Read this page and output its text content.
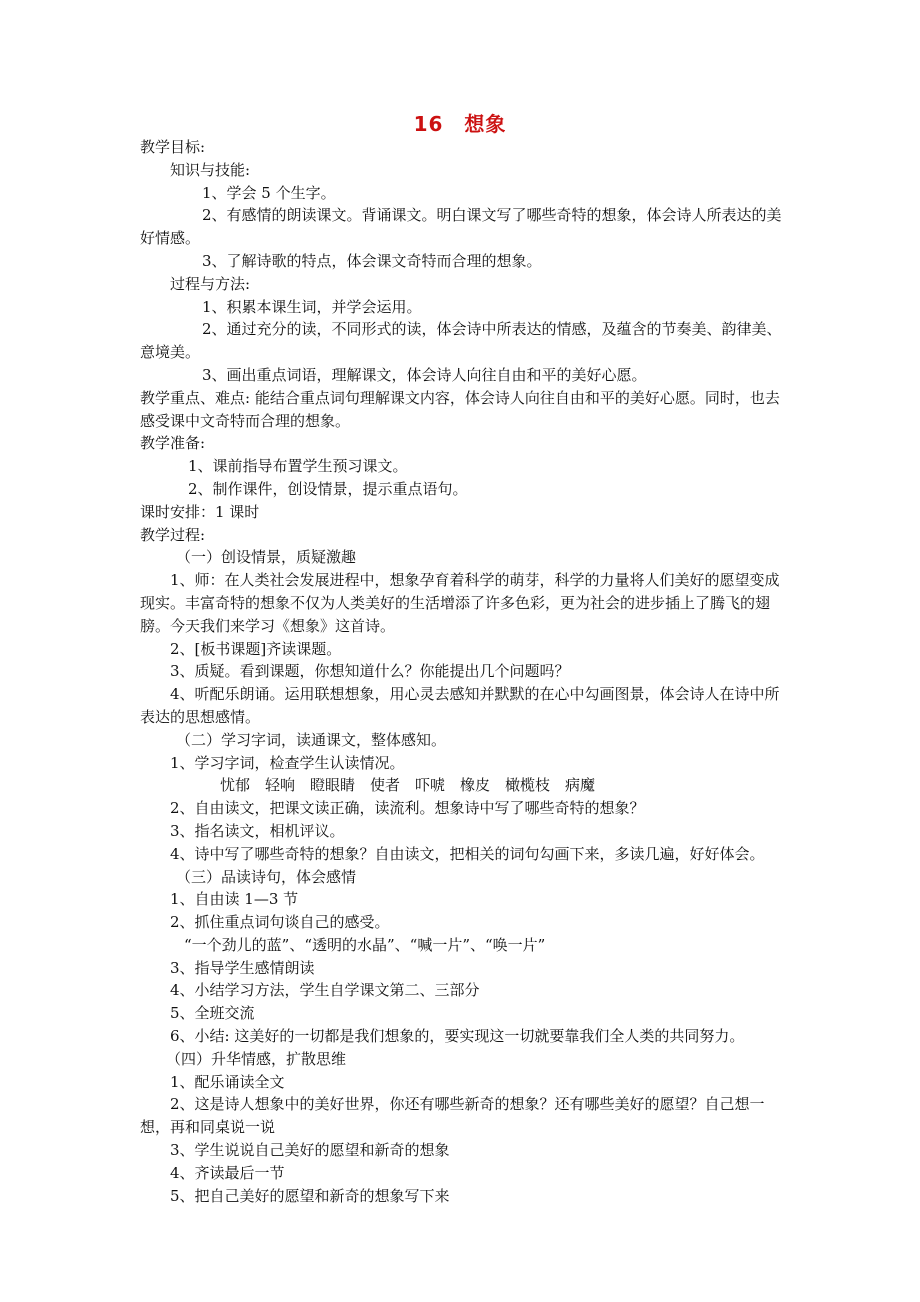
16　想象

教学目标:

知识与技能:

1、学会 5 个生字。

2、有感情的朗读课文。背诵课文。明白课文写了哪些奇特的想象，体会诗人所表达的美好情感。

3、了解诗歌的特点，体会课文奇特而合理的想象。

过程与方法:

1、积累本课生词，并学会运用。

2、通过充分的读，不同形式的读，体会诗中所表达的情感，及蕴含的节奏美、韵律美、意境美。

3、画出重点词语，理解课文，体会诗人向往自由和平的美好心愿。

教学重点、难点: 能结合重点词句理解课文内容，体会诗人向往自由和平的美好心愿。同时，也去感受课中文奇特而合理的想象。

教学准备:

1、课前指导布置学生预习课文。

2、制作课件，创设情景，提示重点语句。

课时安排：1 课时

教学过程:

（一）创设情景，质疑激趣

1、师：在人类社会发展进程中，想象孕育着科学的萌芽，科学的力量将人们美好的愿望变成现实。丰富奇特的想象不仅为人类美好的生活增添了许多色彩，更为社会的进步插上了腾飞的翅膀。今天我们来学习《想象》这首诗。

2、[板书课题]齐读课题。

3、质疑。看到课题，你想知道什么？你能提出几个问题吗？

4、听配乐朗诵。运用联想想象，用心灵去感知并默默的在心中勾画图景，体会诗人在诗中所表达的思想感情。

（二）学习字词，读通课文，整体感知。

1、学习字词，检查学生认读情况。

忧郁　轻响　瞪眼睛　使者　吓唬　橡皮　橄榄枝　病魔

2、自由读文，把课文读正确，读流利。想象诗中写了哪些奇特的想象？

3、指名读文，相机评议。

4、诗中写了哪些奇特的想象？自由读文，把相关的词句勾画下来，多读几遍，好好体会。

（三）品读诗句，体会感情

1、自由读 1—3 节

2、抓住重点词句谈自己的感受。

“一个劲儿的蓝”、“透明的水晶”、“喊一片”、“唤一片”

3、指导学生感情朗读

4、小结学习方法，学生自学课文第二、三部分

5、全班交流

6、小结: 这美好的一切都是我们想象的，要实现这一切就要靠我们全人类的共同努力。

（四）升华情感，扩散思维

1、配乐诵读全文

2、这是诗人想象中的美好世界，你还有哪些新奇的想象？还有哪些美好的愿望？自己想一想，再和同桌说一说

3、学生说说自己美好的愿望和新奇的想象

4、齐读最后一节

5、把自己美好的愿望和新奇的想象写下来
